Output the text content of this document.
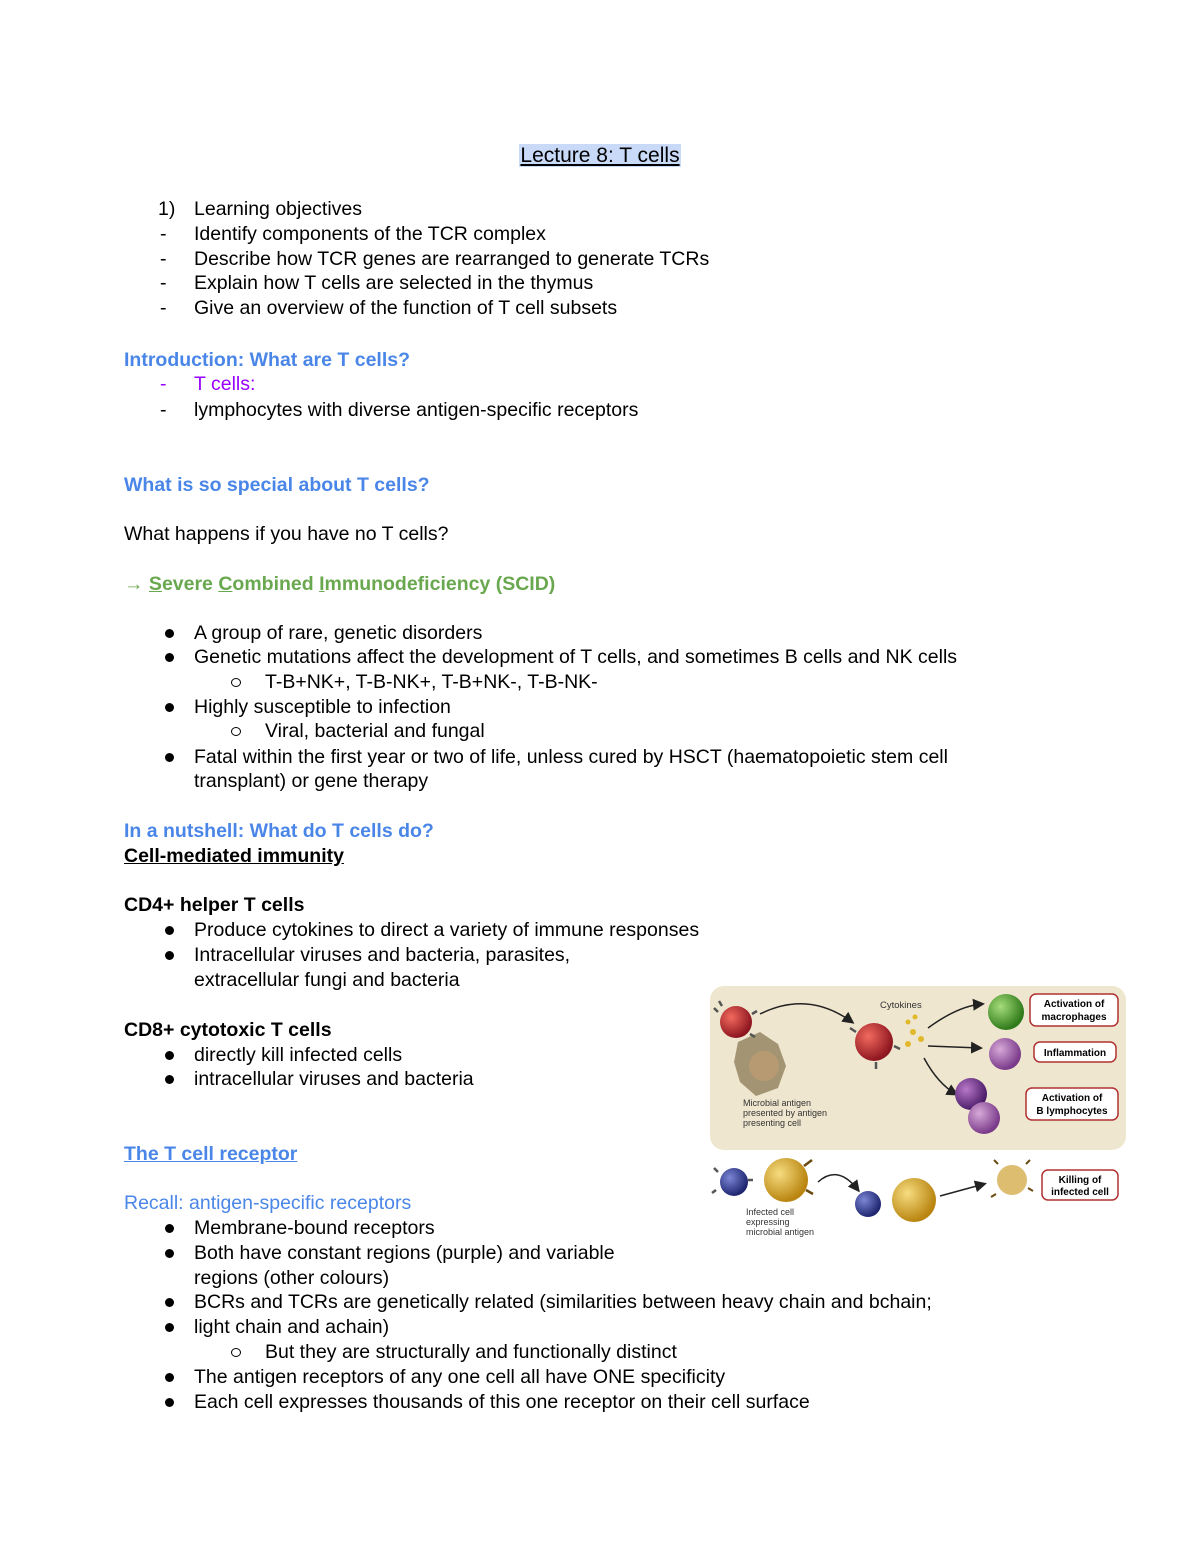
Lecture 8: T cells
1) Learning objectives
- Identify components of the TCR complex
- Describe how TCR genes are rearranged to generate TCRs
- Explain how T cells are selected in the thymus
- Give an overview of the function of T cell subsets
Introduction: What are T cells?
- T cells:
- lymphocytes with diverse antigen-specific receptors
What is so special about T cells?
What happens if you have no T cells?
→ Severe Combined Immunodeficiency (SCID)
A group of rare, genetic disorders
Genetic mutations affect the development of T cells, and sometimes B cells and NK cells
T-B+NK+, T-B-NK+, T-B+NK-, T-B-NK-
Highly susceptible to infection
Viral, bacterial and fungal
Fatal within the first year or two of life, unless cured by HSCT (haematopoietic stem cell
transplant) or gene therapy
In a nutshell: What do T cells do?
Cell-mediated immunity
CD4+ helper T cells
Produce cytokines to direct a variety of immune responses
Intracellular viruses and bacteria, parasites,
extracellular fungi and bacteria
CD8+ cytotoxic T cells
directly kill infected cells
intracellular viruses and bacteria
The T cell receptor
Recall: antigen-specific receptors
Membrane-bound receptors
Both have constant regions (purple) and variable
regions (other colours)
BCRs and TCRs are genetically related (similarities between heavy chain and bchain;
light chain and achain)
But they are structurally and functionally distinct
The antigen receptors of any one cell all have ONE specificity
Each cell expresses thousands of this one receptor on their cell surface
Cytokines
Microbial antigen
presented by antigen
presenting cell
Activation of
macrophages
Inflammation
Activation of
B lymphocytes
Killing of
infected cell
Infected cell
expressing
microbial antigen
